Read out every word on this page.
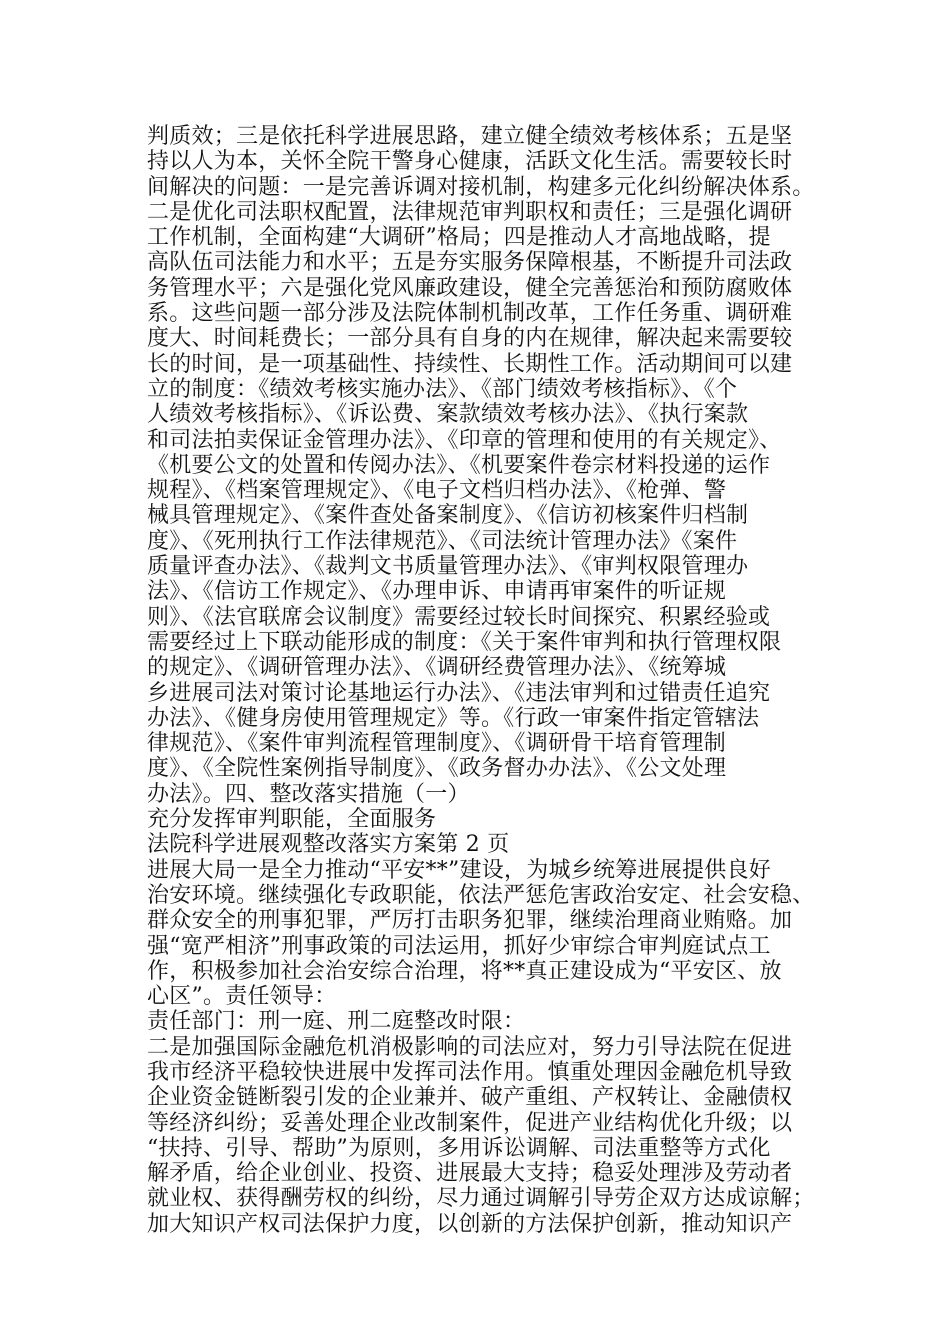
判质效；三是依托科学进展思路，建立健全绩效考核体系；五是坚
持以人为本，关怀全院干警身心健康，活跃文化生活。需要较长时
间解决的问题：一是完善诉调对接机制，构建多元化纠纷解决体系。
二是优化司法职权配置，法律规范审判职权和责任；三是强化调研
工作机制，全面构建“大调研”格局；四是推动人才高地战略，提
高队伍司法能力和水平；五是夯实服务保障根基，不断提升司法政
务管理水平；六是强化党风廉政建设，健全完善惩治和预防腐败体
系。这些问题一部分涉及法院体制机制改革，工作任务重、调研难
度大、时间耗费长；一部分具有自身的内在规律，解决起来需要较
长的时间，是一项基础性、持续性、长期性工作。活动期间可以建
立的制度：《绩效考核实施办法》、《部门绩效考核指标》、《个
人绩效考核指标》、《诉讼费、案款绩效考核办法》、《执行案款
和司法拍卖保证金管理办法》、《印章的管理和使用的有关规定》、
《机要公文的处置和传阅办法》、《机要案件卷宗材料投递的运作
规程》、《档案管理规定》、《电子文档归档办法》、《枪弹、警
械具管理规定》、《案件查处备案制度》、《信访初核案件归档制
度》、《死刑执行工作法律规范》、《司法统计管理办法》《案件
质量评查办法》、《裁判文书质量管理办法》、《审判权限管理办
法》、《信访工作规定》、《办理申诉、申请再审案件的听证规
则》、《法官联席会议制度》需要经过较长时间探究、积累经验或
需要经过上下联动能形成的制度：《关于案件审判和执行管理权限
的规定》、《调研管理办法》、《调研经费管理办法》、《统筹城
乡进展司法对策讨论基地运行办法》、《违法审判和过错责任追究
办法》、《健身房使用管理规定》等。《行政一审案件指定管辖法
律规范》、《案件审判流程管理制度》、《调研骨干培育管理制
度》、《全院性案例指导制度》、《政务督办办法》、《公文处理
办法》。四、整改落实措施（一）
充分发挥审判职能，全面服务
法院科学进展观整改落实方案第 2 页
进展大局一是全力推动“平安**”建设，为城乡统筹进展提供良好
治安环境。继续强化专政职能，依法严惩危害政治安定、社会安稳、
群众安全的刑事犯罪，严厉打击职务犯罪，继续治理商业贿赂。加
强“宽严相济”刑事政策的司法运用，抓好少审综合审判庭试点工
作，积极参加社会治安综合治理，将**真正建设成为“平安区、放
心区”。责任领导：
责任部门：刑一庭、刑二庭整改时限：
二是加强国际金融危机消极影响的司法应对，努力引导法院在促进
我市经济平稳较快进展中发挥司法作用。慎重处理因金融危机导致
企业资金链断裂引发的企业兼并、破产重组、产权转让、金融债权
等经济纠纷；妥善处理企业改制案件，促进产业结构优化升级；以
“扶持、引导、帮助”为原则，多用诉讼调解、司法重整等方式化
解矛盾，给企业创业、投资、进展最大支持；稳妥处理涉及劳动者
就业权、获得酬劳权的纠纷，尽力通过调解引导劳企双方达成谅解；
加大知识产权司法保护力度，以创新的方法保护创新，推动知识产
